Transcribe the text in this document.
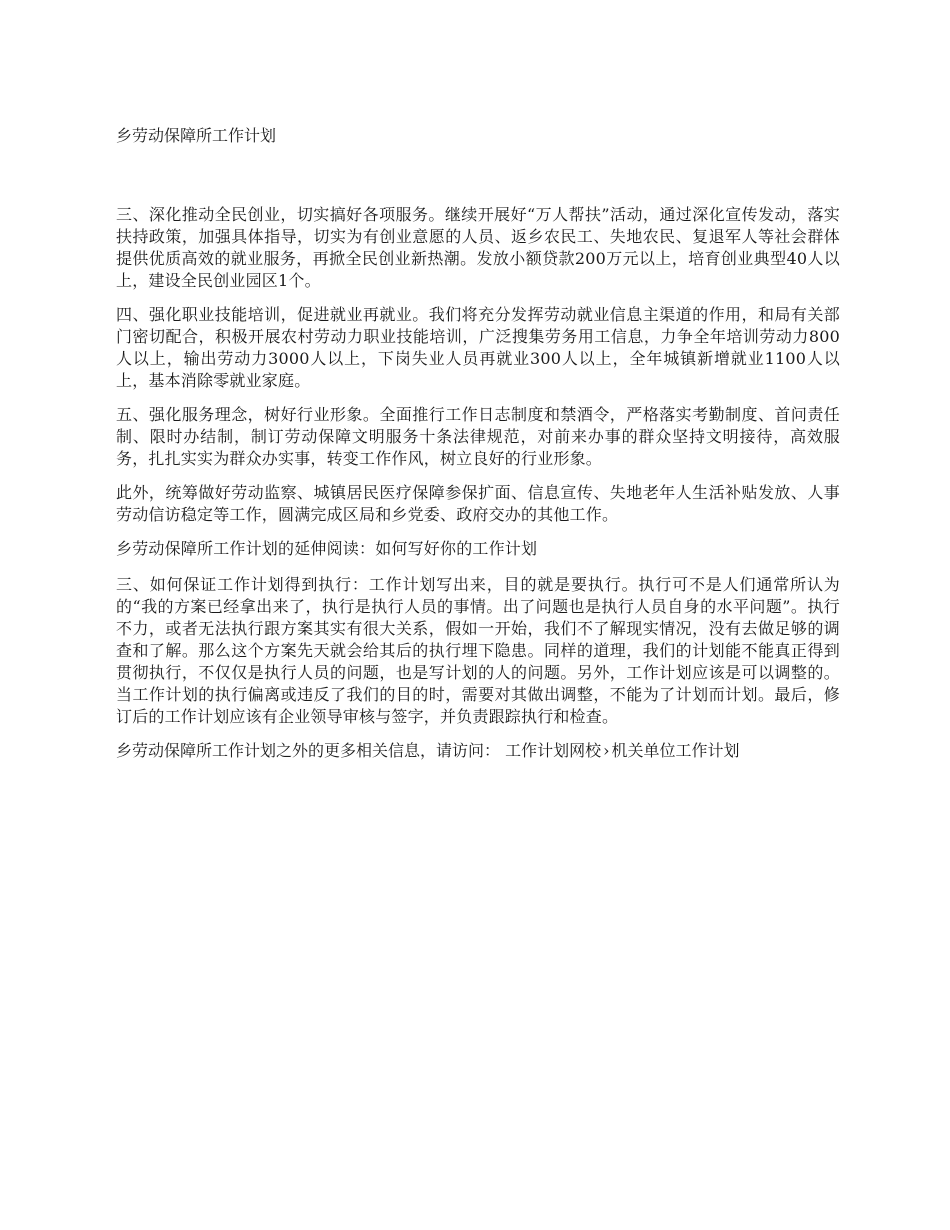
乡劳动保障所工作计划

三、深化推动全民创业，切实搞好各项服务。继续开展好“万人帮扶”活动，通过深化宣传发动，落实扶持政策，加强具体指导，切实为有创业意愿的人员、返乡农民工、失地农民、复退军人等社会群体提供优质高效的就业服务，再掀全民创业新热潮。发放小额贷款200万元以上，培育创业典型40人以上，建设全民创业园区1个。

四、强化职业技能培训，促进就业再就业。我们将充分发挥劳动就业信息主渠道的作用，和局有关部门密切配合，积极开展农村劳动力职业技能培训，广泛搜集劳务用工信息，力争全年培训劳动力800人以上，输出劳动力3000人以上，下岗失业人员再就业300人以上，全年城镇新增就业1100人以上，基本消除零就业家庭。

五、强化服务理念，树好行业形象。全面推行工作日志制度和禁酒令，严格落实考勤制度、首问责任制、限时办结制，制订劳动保障文明服务十条法律规范，对前来办事的群众坚持文明接待，高效服务，扎扎实实为群众办实事，转变工作作风，树立良好的行业形象。

此外，统筹做好劳动监察、城镇居民医疗保障参保扩面、信息宣传、失地老年人生活补贴发放、人事劳动信访稳定等工作，圆满完成区局和乡党委、政府交办的其他工作。

乡劳动保障所工作计划的延伸阅读：如何写好你的工作计划

三、如何保证工作计划得到执行：工作计划写出来，目的就是要执行。执行可不是人们通常所认为的“我的方案已经拿出来了，执行是执行人员的事情。出了问题也是执行人员自身的水平问题”。执行不力，或者无法执行跟方案其实有很大关系，假如一开始，我们不了解现实情况，没有去做足够的调查和了解。那么这个方案先天就会给其后的执行埋下隐患。同样的道理，我们的计划能不能真正得到贯彻执行，不仅仅是执行人员的问题，也是写计划的人的问题。另外，工作计划应该是可以调整的。当工作计划的执行偏离或违反了我们的目的时，需要对其做出调整，不能为了计划而计划。最后，修订后的工作计划应该有企业领导审核与签字，并负责跟踪执行和检查。

乡劳动保障所工作计划之外的更多相关信息，请访问： 工作计划网校 › 机关单位工作计划
